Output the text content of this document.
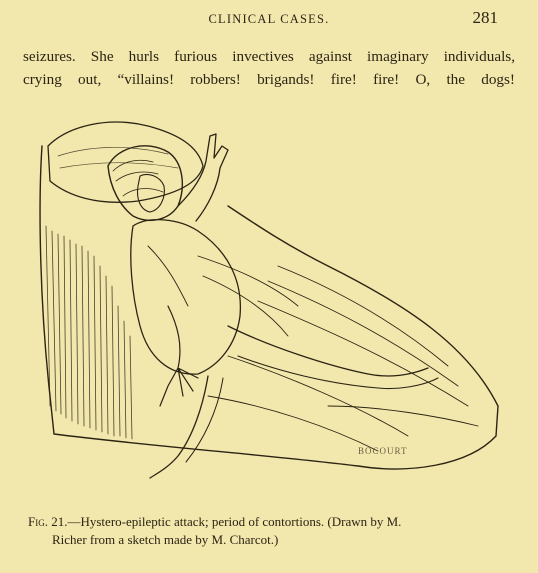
CLINICAL CASES.	281

seizures. She hurls furious invectives against imaginary individuals,

crying out, “villains! robbers! brigands! fire! fire! O, the dogs!

BOCOURT
Fig. 21.—Hystero-epileptic attack; period of contortions. (Drawn by M.
Richer from a sketch made by M. Charcot.)
